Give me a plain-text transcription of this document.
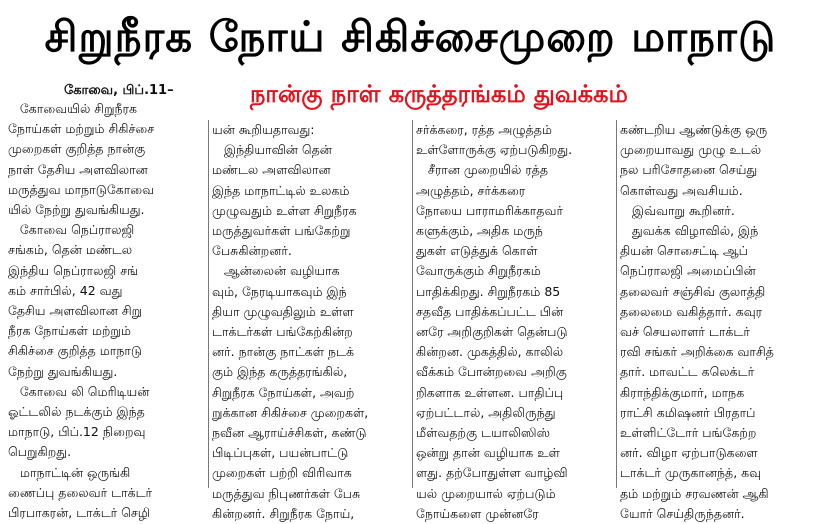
சிறுநீரக நோய் சிகிச்சைமுறை மாநாடு
கோவை, பிப்.11–	நான்கு நாள் கருத்தரங்கம் துவக்கம்
கோவையில் சிறுநீரக
நோய்கள் மற்றும் சிகிச்சை
முறைகள் குறித்த நான்கு
நாள் தேசிய அளவிலான
மருத்துவ மாநாடுகோவை
யில் நேற்று துவங்கியது.
கோவை நெப்ராலஜி
சங்கம், தென் மண்டல
இந்திய நெப்ராலஜி சங்
கம் சார்பில், 42 வது
தேசிய அளவிலான சிறு
நீரக நோய்கள் மற்றும்
சிகிச்சை குறித்த மாநாடு
நேற்று துவங்கியது.
கோவை லி மெரிடியன்
ஓட்டலில் நடக்கும் இந்த
மாநாடு, பிப்.12 நிறைவு
பெறுகிறது.
மாநாட்டின் ஒருங்கி
ணைப்பு தலைவர் டாக்டர்
பிரபாகரன், டாக்டர் செழி
யன் கூறியதாவது:
இந்தியாவின் தென்
மண்டல அளவிலான
இந்த மாநாட்டில் உலகம்
முழுவதும் உள்ள சிறுநீரக
மருத்துவர்கள் பங்கேற்று
பேசுகின்றனர்.
ஆன்லைன் வழியாக
வும், நேரடியாகவும் இந்
தியா முழுவதிலும் உள்ள
டாக்டர்கள் பங்கேற்கின்ற
னர். நான்கு நாட்கள் நடக்
கும் இந்த கருத்தரங்கில்,
சிறுநீரக நோய்கள், அவற்
றுக்கான சிகிச்சை முறைகள்,
நவீன ஆராய்ச்சிகள், கண்டு
பிடிப்புகள், பயன்பாட்டு
முறைகள் பற்றி விரிவாக
மருத்துவ நிபுணர்கள் பேசு
கின்றனர். சிறுநீரக நோய்,
சர்க்கரை, ரத்த அழுத்தம்
உள்ளோருக்கு ஏற்படுகிறது.
சீரான முறையில் ரத்த
அழுத்தம், சர்க்கரை
நோயை பாராமரிக்காதவர்
களுக்கும், அதிக மருந்
துகள் எடுத்துக் கொள்
வோருக்கும் சிறுநீரகம்
பாதிக்கிறது. சிறுநீரகம் 85
சதவீத பாதிக்கப்பட்ட பின்
னரே அறிகுறிகள் தென்படு
கின்றன. முகத்தில், காலில்
வீக்கம் போன்றவை அறிகு
றிகளாக உள்ளன. பாதிப்பு
ஏற்பட்டால், அதிலிருந்து
மீள்வதற்கு டயாலிஸிஸ்
ஒன்று தான் வழியாக உள்
ளது. தற்போதுள்ள வாழ்வி
யல் முறையால் ஏற்படும்
நோய்களை முன்னரே
கண்டறிய ஆண்டுக்கு ஒரு
முறையாவது முழு உடல்
நல பரிசோதனை செய்து
கொள்வது அவசியம்.
இவ்வாறு கூறினர்.
துவக்க விழாவில், இந்
தியன் சொசைட்டி ஆப்
நெப்ராலஜி அமைப்பின்
தலைவர் சஞ்சிவ் குலாத்தி
தலைமை வகித்தார். கவுர
வச் செயலாளர் டாக்டர்
ரவி சங்கர் அறிக்கை வாசித்
தார். மாவட்ட கலெக்டர்
கிராந்திக்குமார், மாநக
ராட்சி கமிஷனர் பிரதாப்
உள்ளிட்டோர் பங்கேற்ற
னர். விழா ஏற்பாடுகளை
டாக்டர் முருகானந்த், கவு
தம் மற்றும் சரவணன் ஆகி
யோர் செய்திருந்தனர்.
